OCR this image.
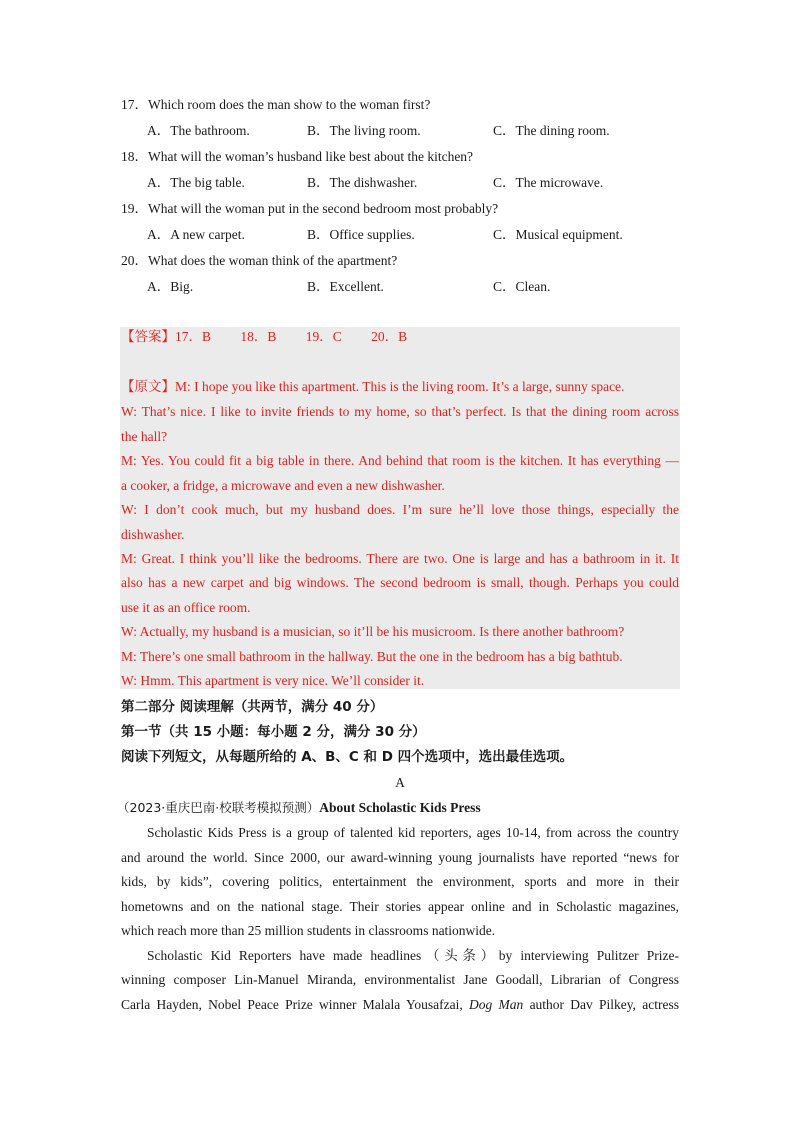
17．Which room does the man show to the woman first?
A．The bathroom.	B．The living room.	C．The dining room.
18．What will the woman’s husband like best about the kitchen?
A．The big table.	B．The dishwasher.	C．The microwave.
19．What will the woman put in the second bedroom most probably?
A．A new carpet.	B．Office supplies.	C．Musical equipment.
20．What does the woman think of the apartment?
A．Big.	B．Excellent.	C．Clean.
【答案】17．B 18．B 19．C 20．B
【原文】M: I hope you like this apartment. This is the living room. It’s a large, sunny space.
W: That’s nice. I like to invite friends to my home, so that’s perfect. Is that the dining room across
the hall?
M: Yes. You could fit a big table in there. And behind that room is the kitchen. It has everything —
a cooker, a fridge, a microwave and even a new dishwasher.
W: I don’t cook much, but my husband does. I’m sure he’ll love those things, especially the
dishwasher.
M: Great. I think you’ll like the bedrooms. There are two. One is large and has a bathroom in it. It
also has a new carpet and big windows. The second bedroom is small, though. Perhaps you could
use it as an office room.
W: Actually, my husband is a musician, so it’ll be his musicroom. Is there another bathroom?
M: There’s one small bathroom in the hallway. But the one in the bedroom has a big bathtub.
W: Hmm. This apartment is very nice. We’ll consider it.
第二部分 阅读理解（共两节，满分 40 分）
第一节（共 15 小题：每小题 2 分，满分 30 分）
阅读下列短文，从每题所给的 A、B、C 和 D 四个选项中，选出最佳选项。
A
（2023·重庆巴南·校联考模拟预测）About Scholastic Kids Press
Scholastic Kids Press is a group of talented kid reporters, ages 10-14, from across the country
and around the world. Since 2000, our award-winning young journalists have reported “news for
kids, by kids”, covering politics, entertainment the environment, sports and more in their
hometowns and on the national stage. Their stories appear online and in Scholastic magazines,
which reach more than 25 million students in classrooms nationwide.
Scholastic Kid Reporters have made headlines（头条）by interviewing Pulitzer Prize-
winning composer Lin-Manuel Miranda, environmentalist Jane Goodall, Librarian of Congress
Carla Hayden, Nobel Peace Prize winner Malala Yousafzai, Dog Man author Dav Pilkey, actress
